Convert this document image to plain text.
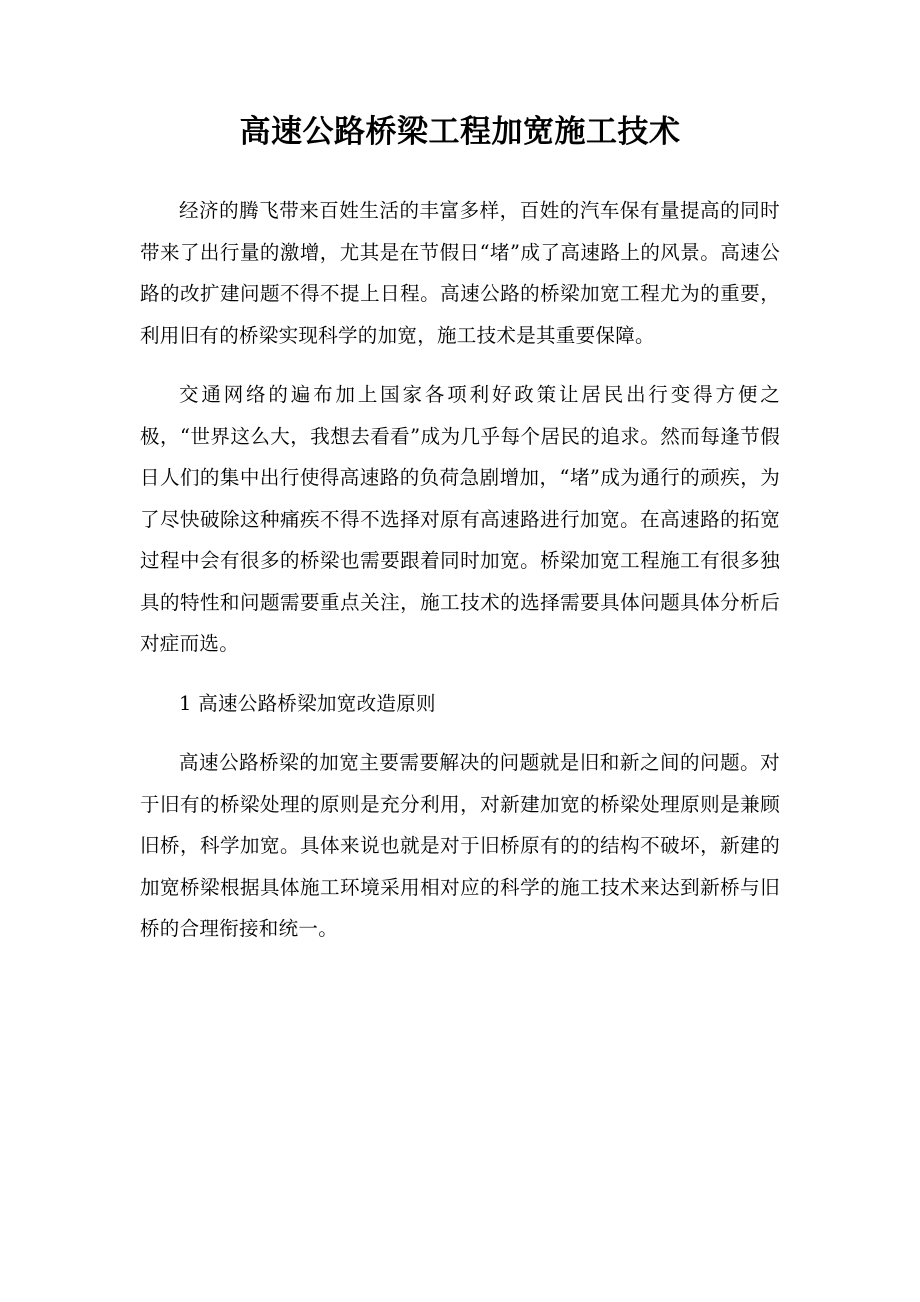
高速公路桥梁工程加宽施工技术

经济的腾飞带来百姓生活的丰富多样，百姓的汽车保有量提高的同时带来了出行量的激增，尤其是在节假日“堵”成了高速路上的风景。高速公路的改扩建问题不得不提上日程。高速公路的桥梁加宽工程尤为的重要，利用旧有的桥梁实现科学的加宽，施工技术是其重要保障。

交通网络的遍布加上国家各项利好政策让居民出行变得方便之极，“世界这么大，我想去看看”成为几乎每个居民的追求。然而每逢节假日人们的集中出行使得高速路的负荷急剧增加，“堵”成为通行的顽疾，为了尽快破除这种痛疾不得不选择对原有高速路进行加宽。在高速路的拓宽过程中会有很多的桥梁也需要跟着同时加宽。桥梁加宽工程施工有很多独具的特性和问题需要重点关注，施工技术的选择需要具体问题具体分析后对症而选。

1 高速公路桥梁加宽改造原则

高速公路桥梁的加宽主要需要解决的问题就是旧和新之间的问题。对于旧有的桥梁处理的原则是充分利用，对新建加宽的桥梁处理原则是兼顾旧桥，科学加宽。具体来说也就是对于旧桥原有的的结构不破坏，新建的加宽桥梁根据具体施工环境采用相对应的科学的施工技术来达到新桥与旧桥的合理衔接和统一。
